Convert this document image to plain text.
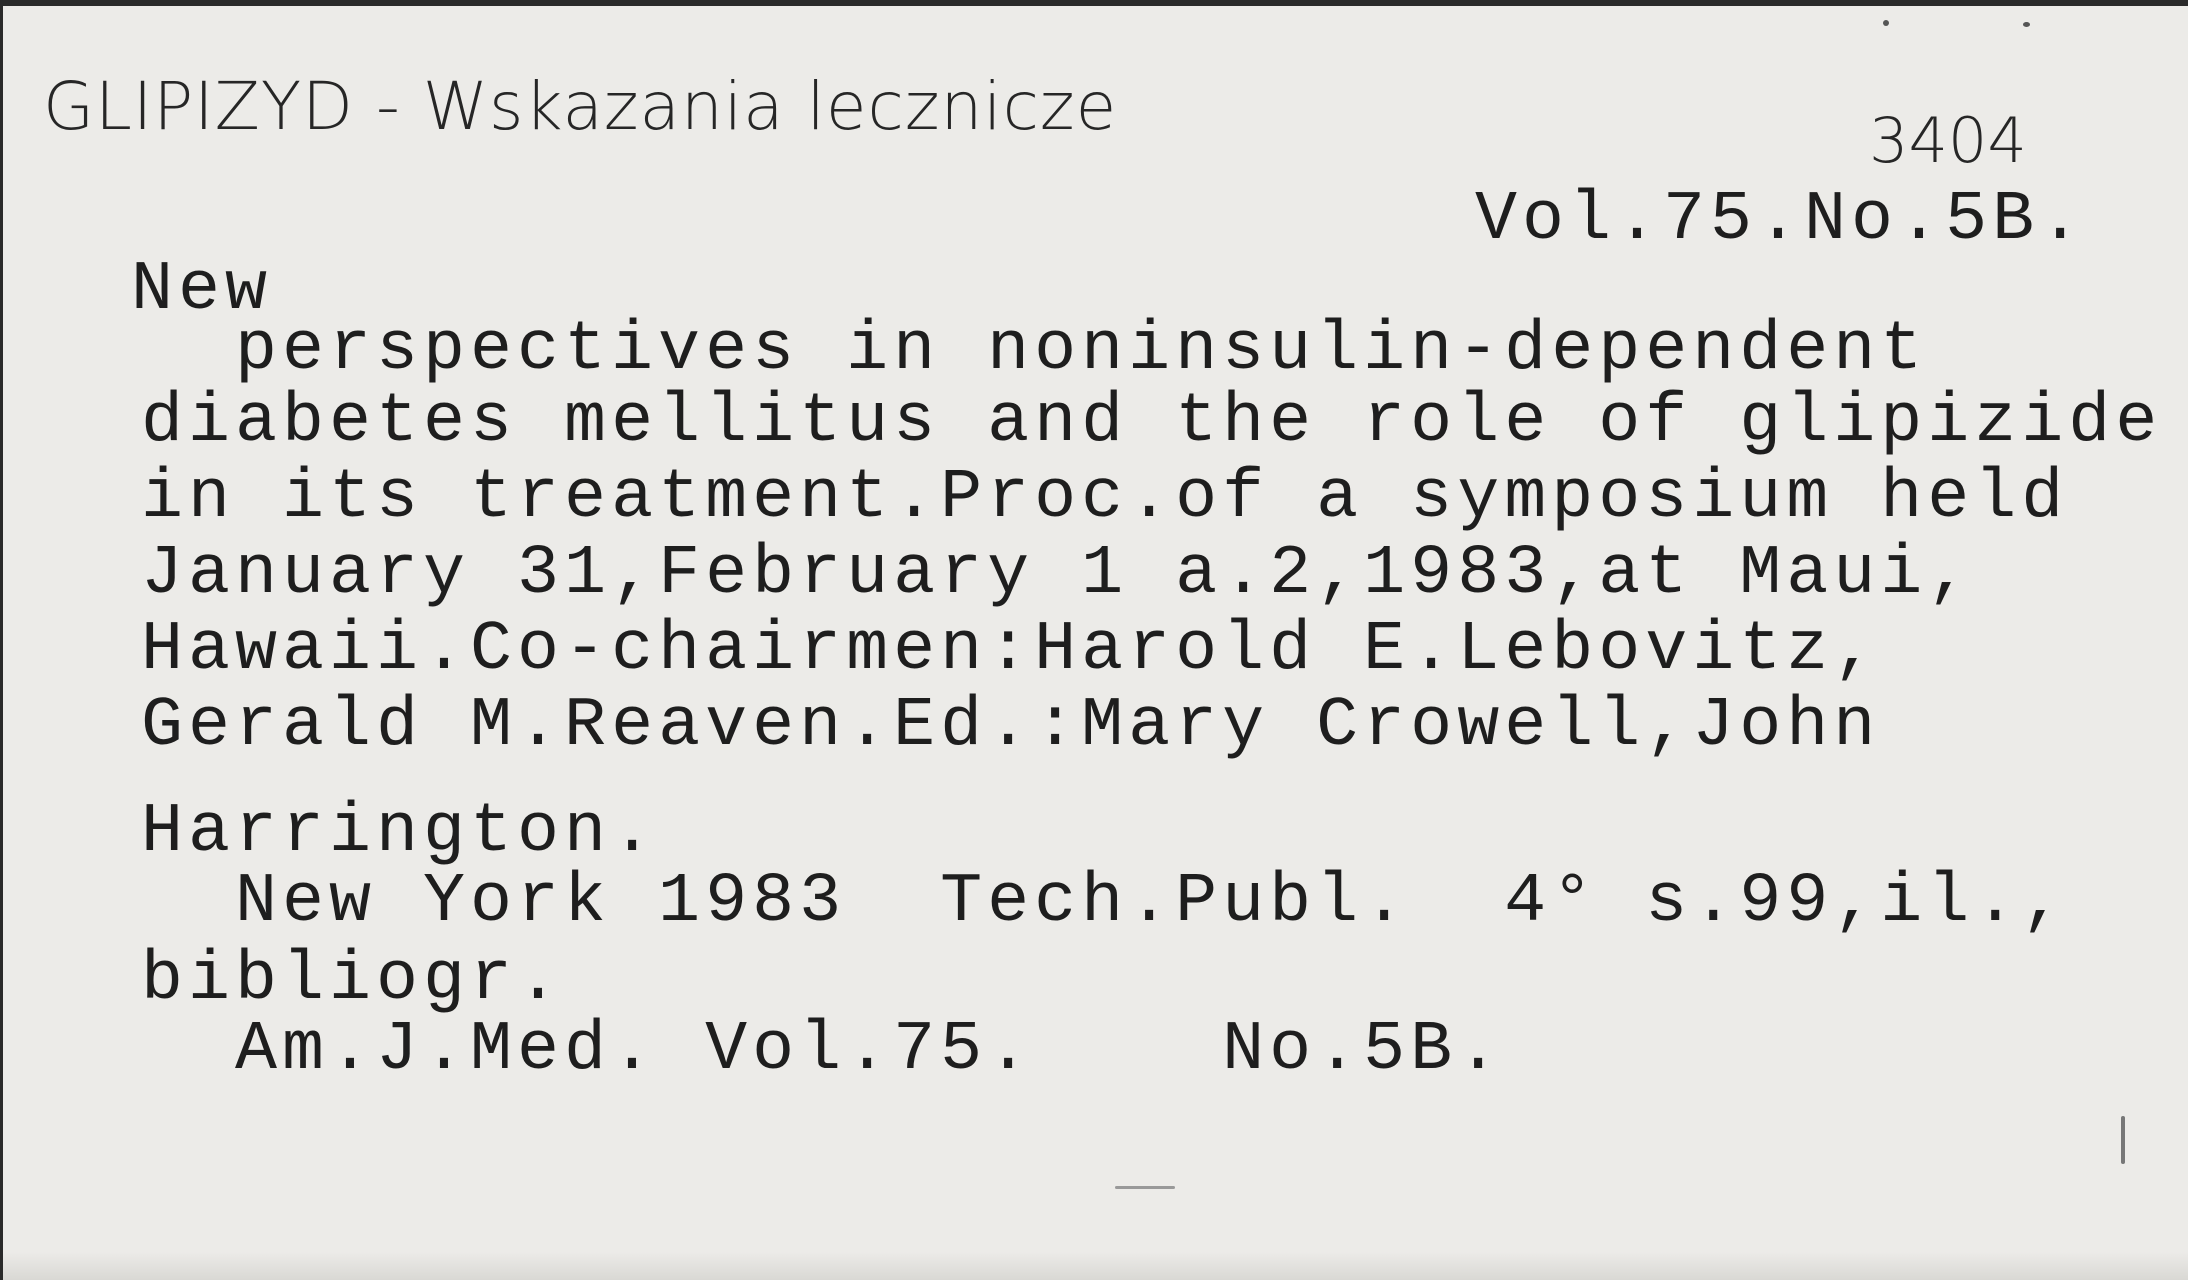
GLIPIZYD - Wskazania lecznicze	3404
Vol.75.No.5B.
New
perspectives in noninsulin-dependent
diabetes mellitus and the role of glipizide
in its treatment.Proc.of a symposium held
January 31,February 1 a.2,1983,at Maui,
Hawaii.Co-chairmen:Harold E.Lebovitz,
Gerald M.Reaven.Ed.:Mary Crowell,John
Harrington.
New York 1983  Tech.Publ.  4° s.99,il.,
bibliogr.
Am.J.Med. Vol.75.    No.5B.
